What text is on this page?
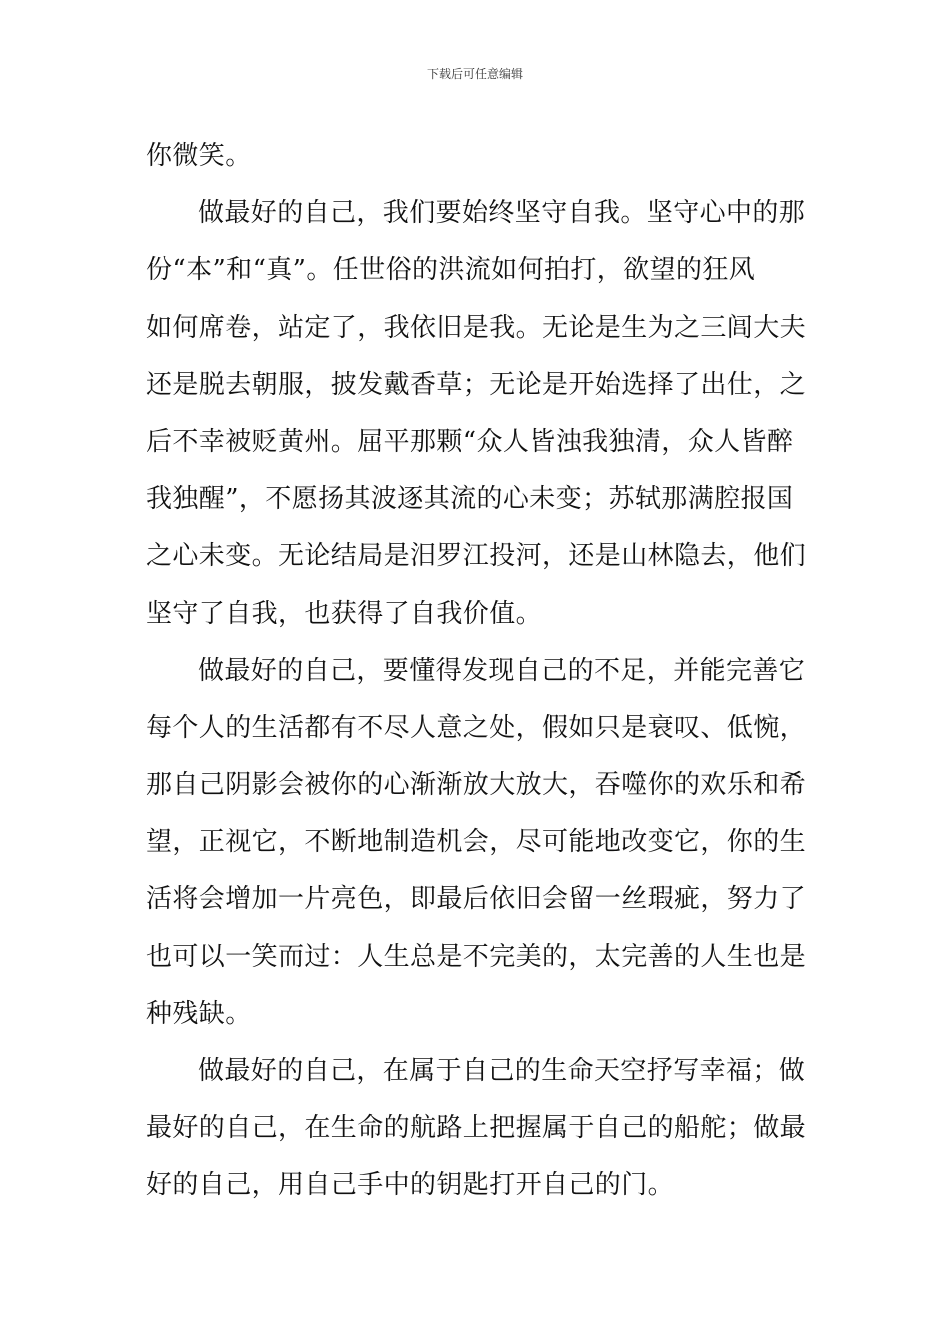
下载后可任意编辑
你微笑。
做最好的自己，我们要始终坚守自我。坚守心中的那
份“本”和“真”。任世俗的洪流如何拍打，欲望的狂风
如何席卷，站定了，我依旧是我。无论是生为之三闾大夫
还是脱去朝服，披发戴香草；无论是开始选择了出仕，之
后不幸被贬黄州。屈平那颗“众人皆浊我独清，众人皆醉
我独醒”，不愿扬其波逐其流的心未变；苏轼那满腔报国
之心未变。无论结局是汨罗江投河，还是山林隐去，他们
坚守了自我，也获得了自我价值。
做最好的自己，要懂得发现自己的不足，并能完善它
每个人的生活都有不尽人意之处，假如只是衰叹、低惋，
那自己阴影会被你的心渐渐放大放大，吞噬你的欢乐和希
望，正视它，不断地制造机会，尽可能地改变它，你的生
活将会增加一片亮色，即最后依旧会留一丝瑕疵，努力了
也可以一笑而过：人生总是不完美的，太完善的人生也是
种残缺。
做最好的自己，在属于自己的生命天空抒写幸福；做
最好的自己，在生命的航路上把握属于自己的船舵；做最
好的自己，用自己手中的钥匙打开自己的门。
